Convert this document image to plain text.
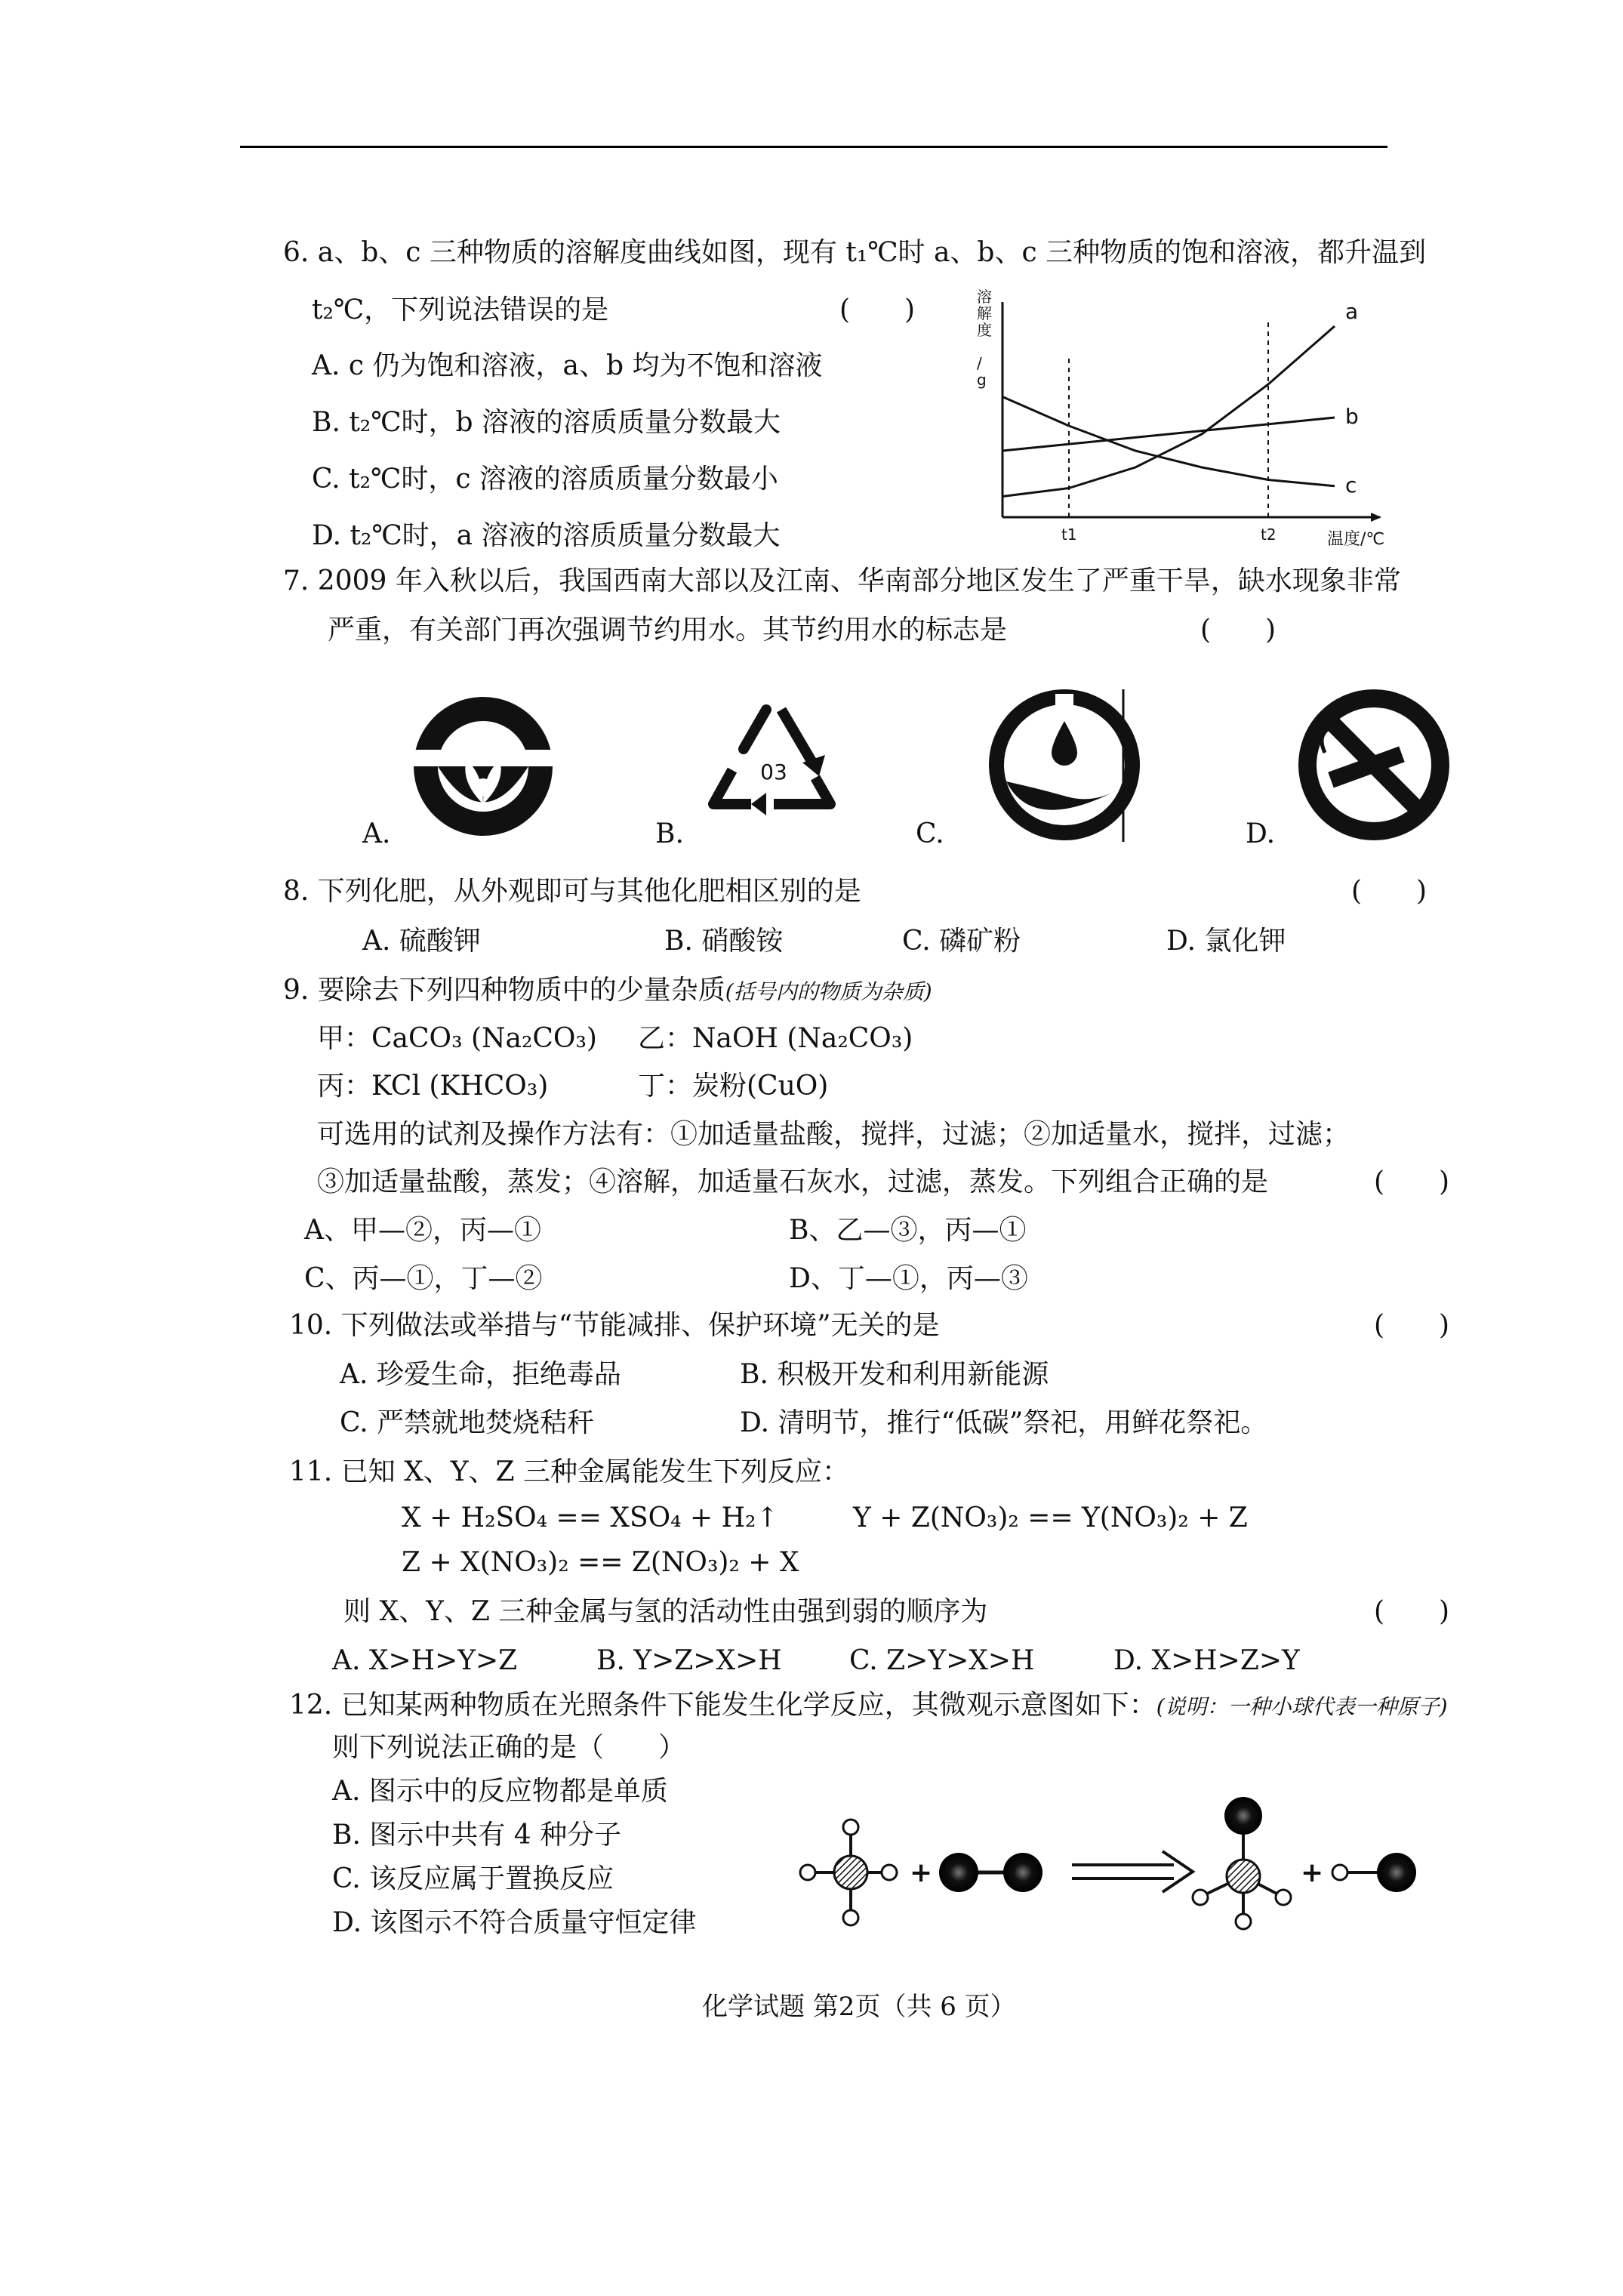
6. a、b、c 三种物质的溶解度曲线如图，现有 t₁℃时 a、b、c 三种物质的饱和溶液，都升温到
t₂℃，下列说法错误的是	(　　)
A. c 仍为饱和溶液，a、b 均为不饱和溶液
B. t₂℃时，b 溶液的溶质质量分数最大
C. t₂℃时，c 溶液的溶质质量分数最小
D. t₂℃时，a 溶液的溶质质量分数最大
a
b
c
t1	t2	温度/℃
溶
解
度
/
g
7. 2009 年入秋以后，我国西南大部以及江南、华南部分地区发生了严重干旱，缺水现象非常
严重，有关部门再次强调节约用水。其节约用水的标志是	(　　)
A.	B.	C.	D.
03
8. 下列化肥，从外观即可与其他化肥相区别的是	(　　)
A. 硫酸钾	B. 硝酸铵	C. 磷矿粉	D. 氯化钾
9. 要除去下列四种物质中的少量杂质(括号内的物质为杂质)
甲：CaCO₃ (Na₂CO₃) 乙：NaOH (Na₂CO₃)
丙：KCl (KHCO₃)	丁：炭粉(CuO)
可选用的试剂及操作方法有：①加适量盐酸，搅拌，过滤；②加适量水，搅拌，过滤；
③加适量盐酸，蒸发；④溶解，加适量石灰水，过滤，蒸发。下列组合正确的是	(　　)
A、甲—②，丙—①	B、乙—③，丙—①
C、丙—①，丁—②	D、丁—①，丙—③
10. 下列做法或举措与“节能减排、保护环境”无关的是	(　　)
A. 珍爱生命，拒绝毒品	B. 积极开发和利用新能源
C. 严禁就地焚烧秸秆	D. 清明节，推行“低碳”祭祀，用鲜花祭祀。
11. 已知 X、Y、Z 三种金属能发生下列反应：
X + H₂SO₄ == XSO₄ + H₂↑	Y + Z(NO₃)₂ == Y(NO₃)₂ + Z
Z + X(NO₃)₂ == Z(NO₃)₂ + X
则 X、Y、Z 三种金属与氢的活动性由强到弱的顺序为	(　　)
A. X>H>Y>Z	B. Y>Z>X>H C. Z>Y>X>H	D. X>H>Z>Y
12. 已知某两种物质在光照条件下能发生化学反应，其微观示意图如下：(说明：一种小球代表一种原子)
则下列说法正确的是（　　）
A. 图示中的反应物都是单质
B. 图示中共有 4 种分子
C. 该反应属于置换反应
D. 该图示不符合质量守恒定律
+	+
化学试题 第2页（共 6 页）
